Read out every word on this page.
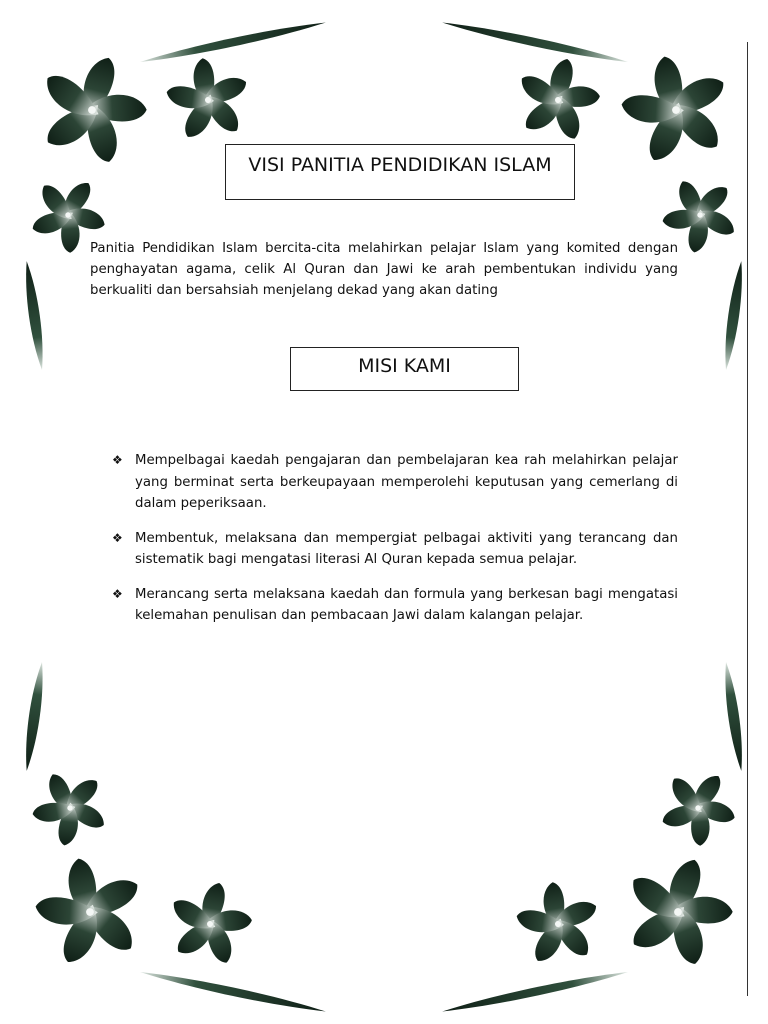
VISI PANITIA PENDIDIKAN ISLAM
Panitia Pendidikan Islam bercita-cita melahirkan pelajar Islam yang komited dengan penghayatan agama, celik Al Quran dan Jawi ke arah pembentukan individu yang berkualiti dan bersahsiah menjelang dekad yang akan dating
MISI KAMI
❖ Mempelbagai kaedah pengajaran dan pembelajaran kea rah melahirkan pelajar yang berminat serta berkeupayaan memperolehi keputusan yang cemerlang di dalam peperiksaan.
❖ Membentuk, melaksana dan mempergiat pelbagai aktiviti yang terancang dan sistematik bagi mengatasi literasi Al Quran kepada semua pelajar.
❖ Merancang serta melaksana kaedah dan formula yang berkesan bagi mengatasi kelemahan penulisan dan pembacaan Jawi dalam kalangan pelajar.
